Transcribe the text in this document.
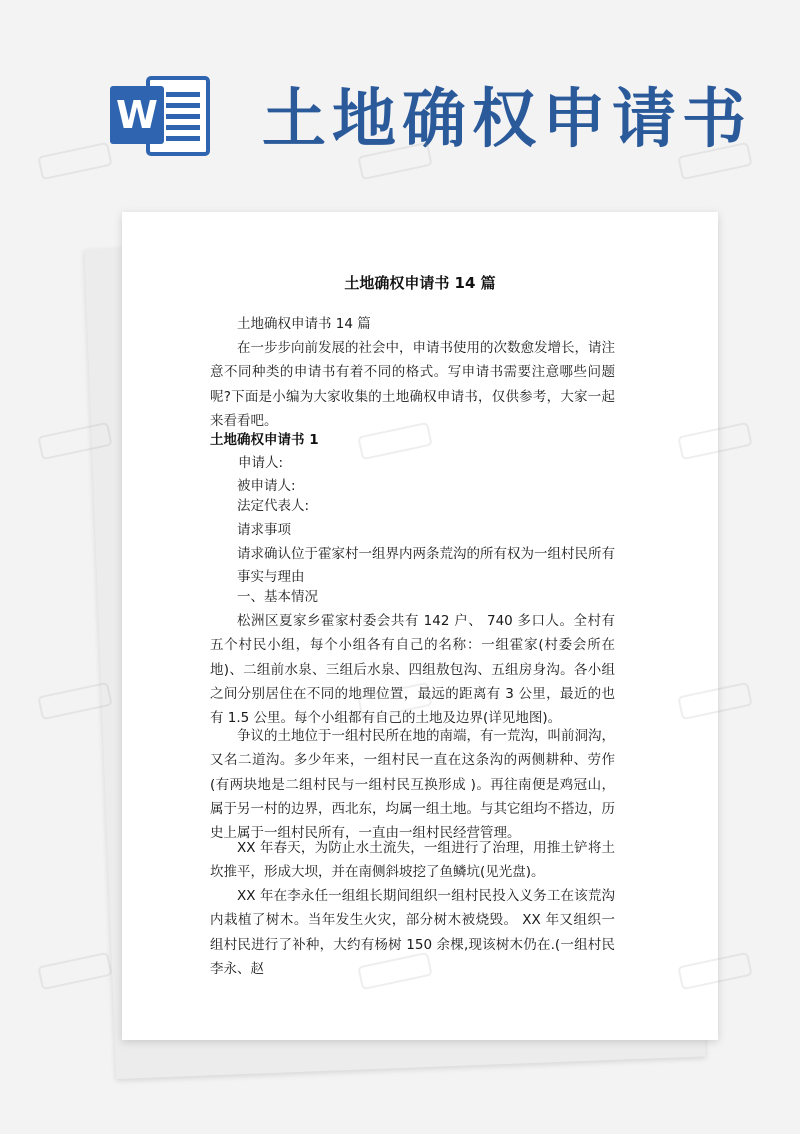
W 土地确权申请书
土地确权申请书 14 篇

土地确权申请书 14 篇

在一步步向前发展的社会中，申请书使用的次数愈发增长，请注意不同种类的申请书有着不同的格式。写申请书需要注意哪些问题呢?下面是小编为大家收集的土地确权申请书，仅供参考，大家一起来看看吧。

土地确权申请书 1

申请人:

被申请人:

法定代表人:

请求事项

请求确认位于霍家村一组界内两条荒沟的所有权为一组村民所有

事实与理由

一、基本情况

松洲区夏家乡霍家村委会共有 142 户、 740 多口人。全村有五个村民小组，每个小组各有自己的名称：一组霍家(村委会所在地)、二组前水泉、三组后水泉、四组敖包沟、五组房身沟。各小组之间分别居住在不同的地理位置，最远的距离有 3 公里，最近的也有 1.5 公里。每个小组都有自己的土地及边界(详见地图)。

争议的土地位于一组村民所在地的南端，有一荒沟，叫前洞沟，又名二道沟。多少年来，一组村民一直在这条沟的两侧耕种、劳作 (有两块地是二组村民与一组村民互换形成 )。再往南便是鸡冠山，属于另一村的边界，西北东，均属一组土地。与其它组均不搭边，历史上属于一组村民所有，一直由一组村民经营管理。

XX 年春天，为防止水土流失，一组进行了治理，用推土铲将土坎推平，形成大坝，并在南侧斜坡挖了鱼鳞坑(见光盘)。

XX 年在李永任一组组长期间组织一组村民投入义务工在该荒沟内栽植了树木。当年发生火灾，部分树木被烧毁。 XX 年又组织一组村民进行了补种，大约有杨树 150 余棵,现该树木仍在.(一组村民李永、赵
